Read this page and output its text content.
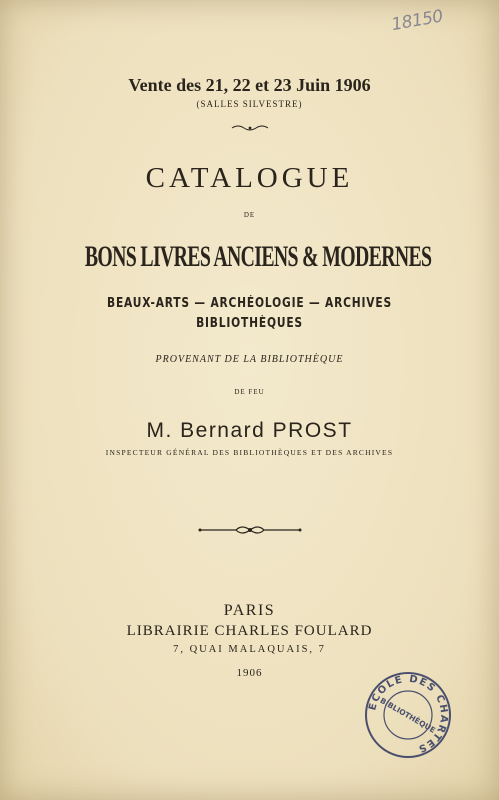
18150
Vente des 21, 22 et 23 Juin 1906
(SALLES SILVESTRE)
CATALOGUE
DE
BONS LIVRES ANCIENS & MODERNES
BEAUX-ARTS — ARCHÉOLOGIE — ARCHIVES
BIBLIOTHÈQUES
PROVENANT DE LA BIBLIOTHÈQUE
DE FEU
M. Bernard PROST
INSPECTEUR GÉNÉRAL DES BIBLIOTHÈQUES ET DES ARCHIVES
PARIS
LIBRAIRIE CHARLES FOULARD
7, QUAI MALAQUAIS, 7
1906
ÉCOLE DES CHARTES
BIBLIOTHÈQUE
